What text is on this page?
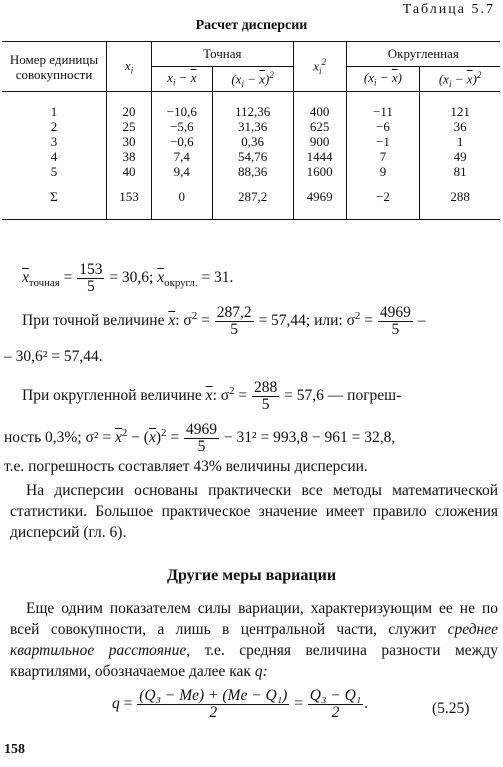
Таблица 5.7
Расчет дисперсии
Номер единицы совокупности	$x_i$	Точная		$x_i^2$	Округленная	
		$x_i - \overline{x}$	$(x_i - \overline{x})^2$		$(x_i - \overline{x})$	$(x_i - \overline{x})^2$
1	20	−10,6	112,36	400	−11	121
2	25	−5,6	31,36	625	−6	36
3	30	−0,6	0,36	900	−1	1
4	38	7,4	54,76	1444	7	49
5	40	9,4	88,36	1600	9	81
Σ	153	0	287,2	4969	−2	288
$\overline{x}_{точная} = \frac{153}{5} = 30,6$; $\overline{x}_{округл.} = 31$.
При точной величине $\overline{x}$: $\sigma^2 = \frac{287,2}{5} = 57,44$; или: $\sigma^2 = \frac{4969}{5}$ –
– 30,6² = 57,44.
При округленной величине $\overline{x}$: $\sigma^2 = \frac{288}{5} = 57,6$ — погреш-
ность 0,3%; $\sigma^2 = \overline{x}^2 - (\overline{x})^2 = \frac{4969}{5} - 31^2 = 993,8 - 961 = 32,8$,
т.е. погрешность составляет 43% величины дисперсии.
На дисперсии основаны практически все методы математической статистики. Большое практическое значение имеет правило сложения дисперсий (гл. 6).
Другие меры вариации
Еще одним показателем силы вариации, характеризующим ее не по всей совокупности, а лишь в центральной части, служит среднее квартильное расстояние, т.е. средняя величина разности между квартилями, обозначаемое далее как q:
$q = \frac{\text{(Q₃ − Me) + (Me − Q₁)}}{2} = \frac{\text{Q₃ − Q₁}}{2}$ .	(5.25)
158
